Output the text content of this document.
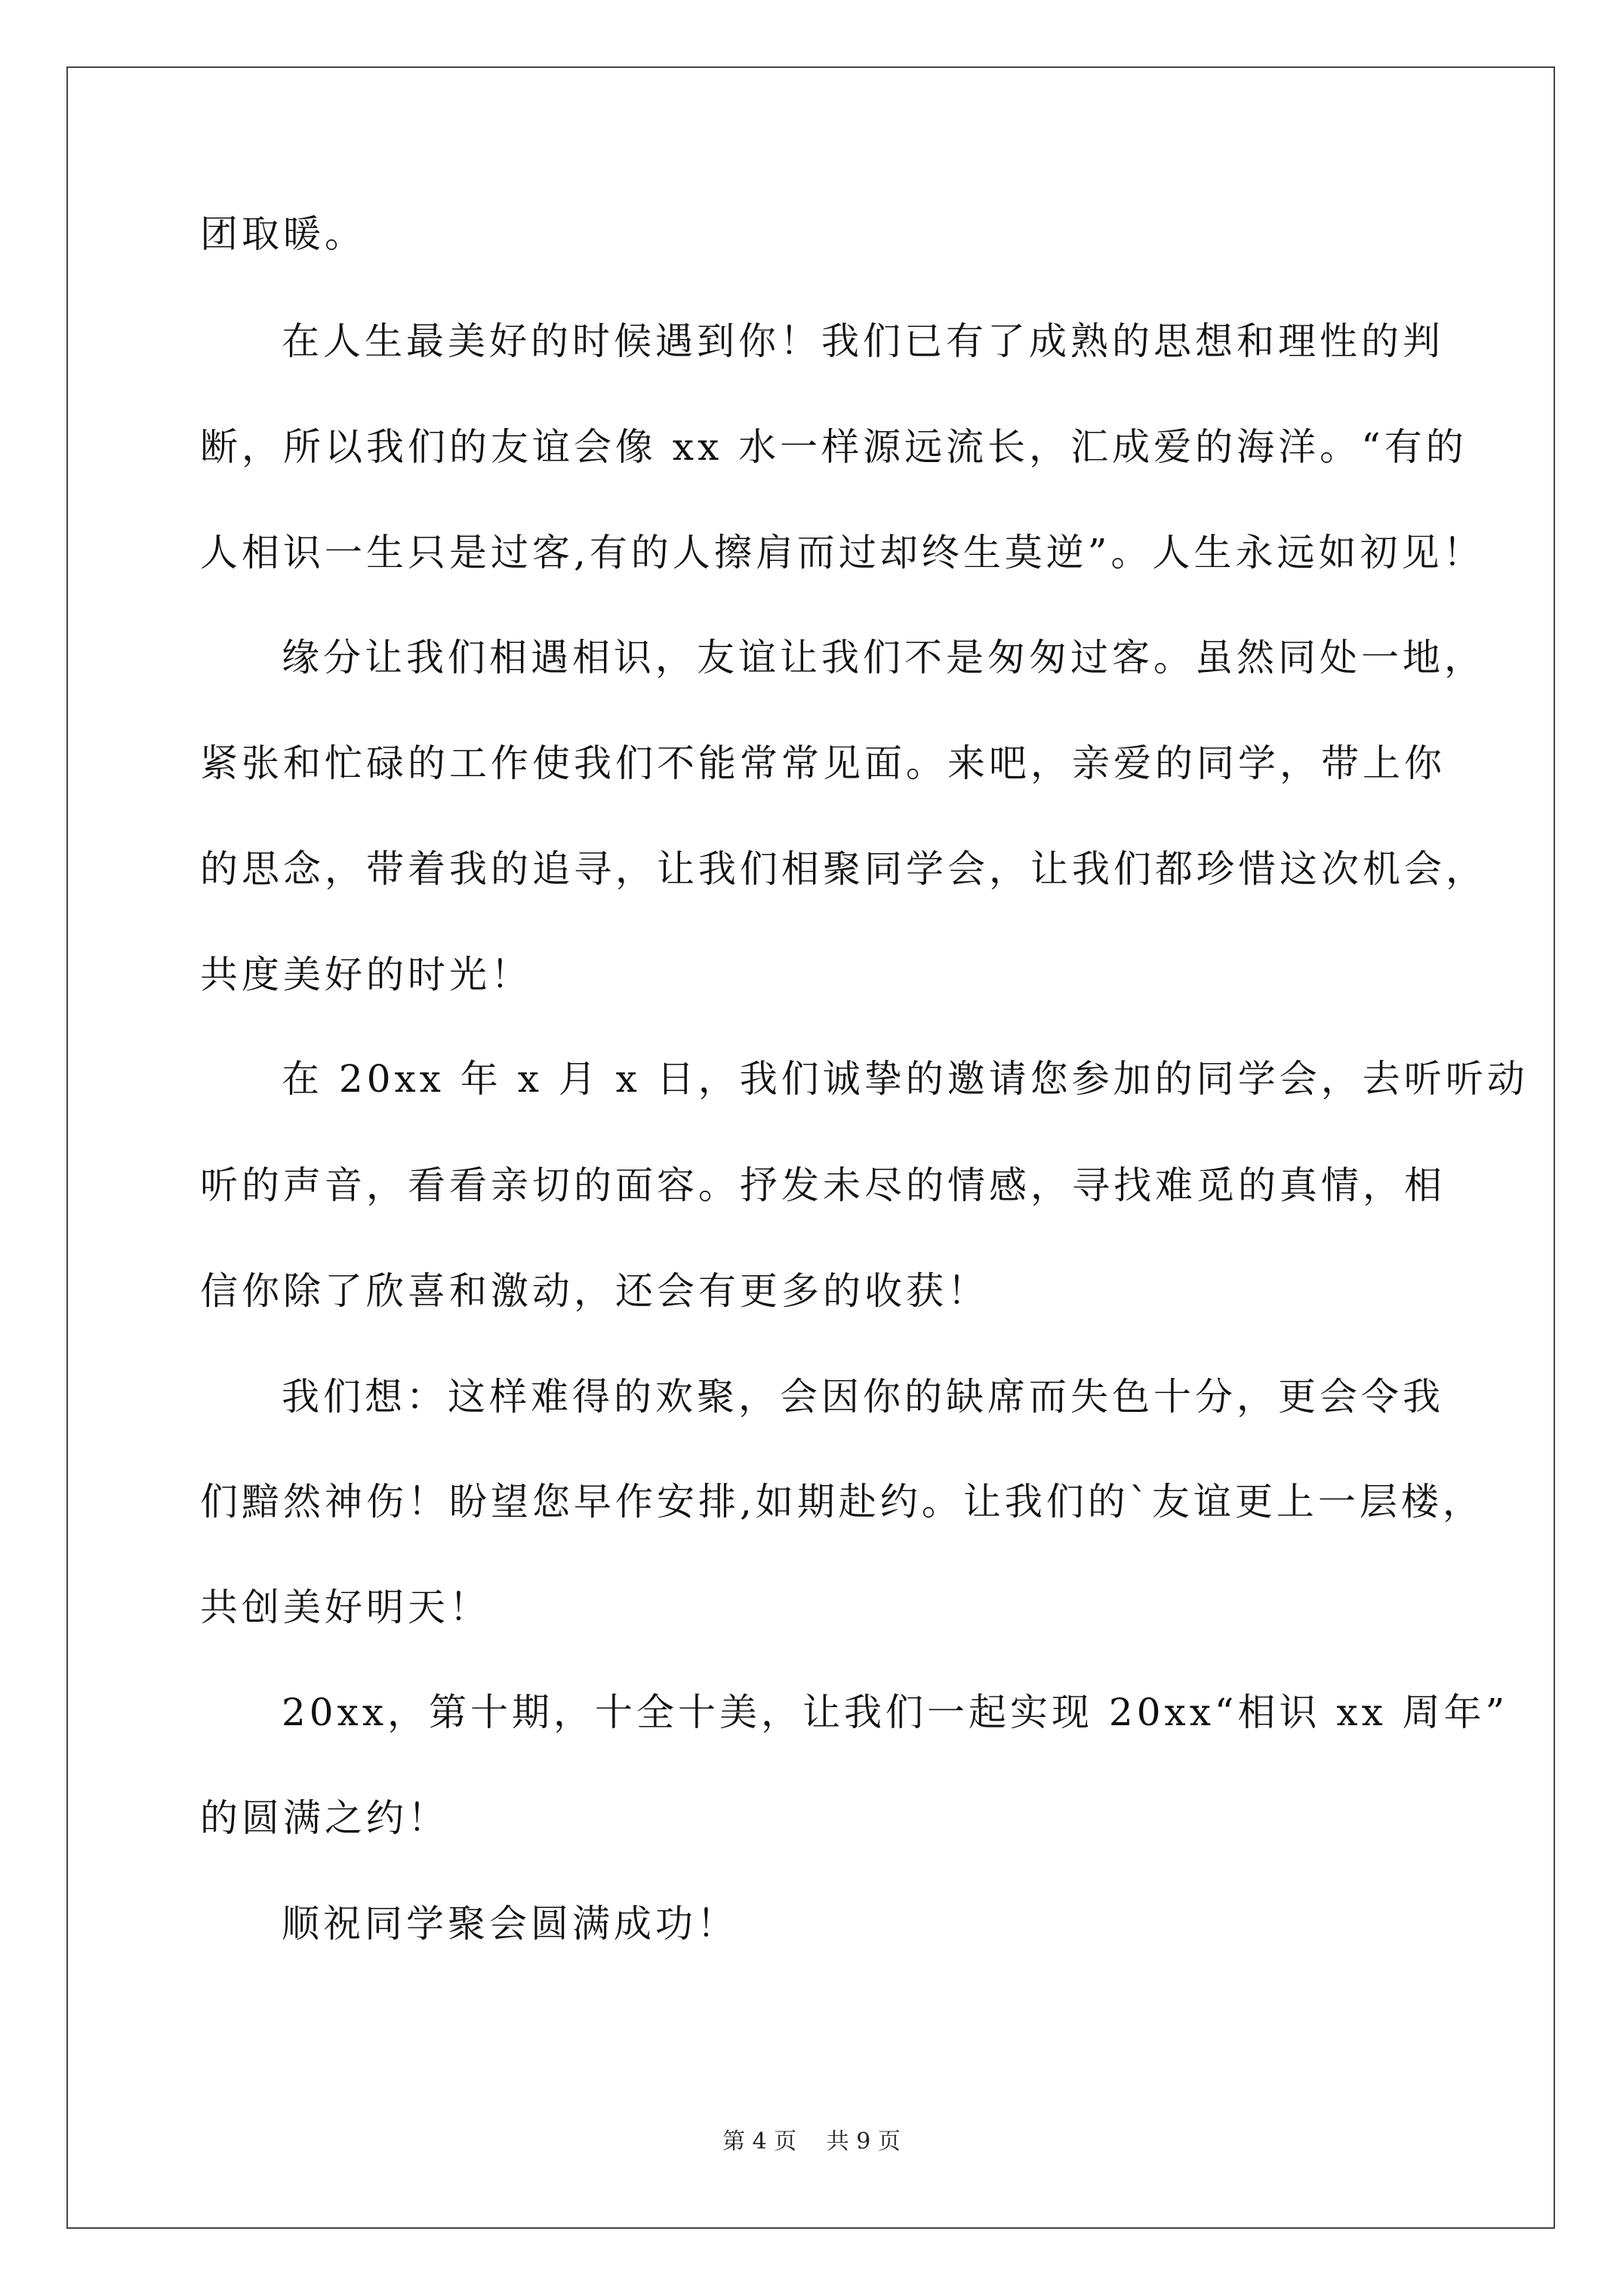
团取暖。
在人生最美好的时候遇到你！我们已有了成熟的思想和理性的判
断，所以我们的友谊会像 xx 水一样源远流长，汇成爱的海洋。“有的
人相识一生只是过客,有的人擦肩而过却终生莫逆”。人生永远如初见！
缘分让我们相遇相识，友谊让我们不是匆匆过客。虽然同处一地，
紧张和忙碌的工作使我们不能常常见面。来吧，亲爱的同学，带上你
的思念，带着我的追寻，让我们相聚同学会，让我们都珍惜这次机会，
共度美好的时光！
在 20xx 年 x 月 x 日，我们诚挚的邀请您参加的同学会，去听听动
听的声音，看看亲切的面容。抒发未尽的情感，寻找难觅的真情，相
信你除了欣喜和激动，还会有更多的收获！
我们想：这样难得的欢聚，会因你的缺席而失色十分，更会令我
们黯然神伤！盼望您早作安排,如期赴约。让我们的`友谊更上一层楼，
共创美好明天！
20xx，第十期，十全十美，让我们一起实现 20xx“相识 xx 周年”
的圆满之约！
顺祝同学聚会圆满成功！
第 4 页 共 9 页
